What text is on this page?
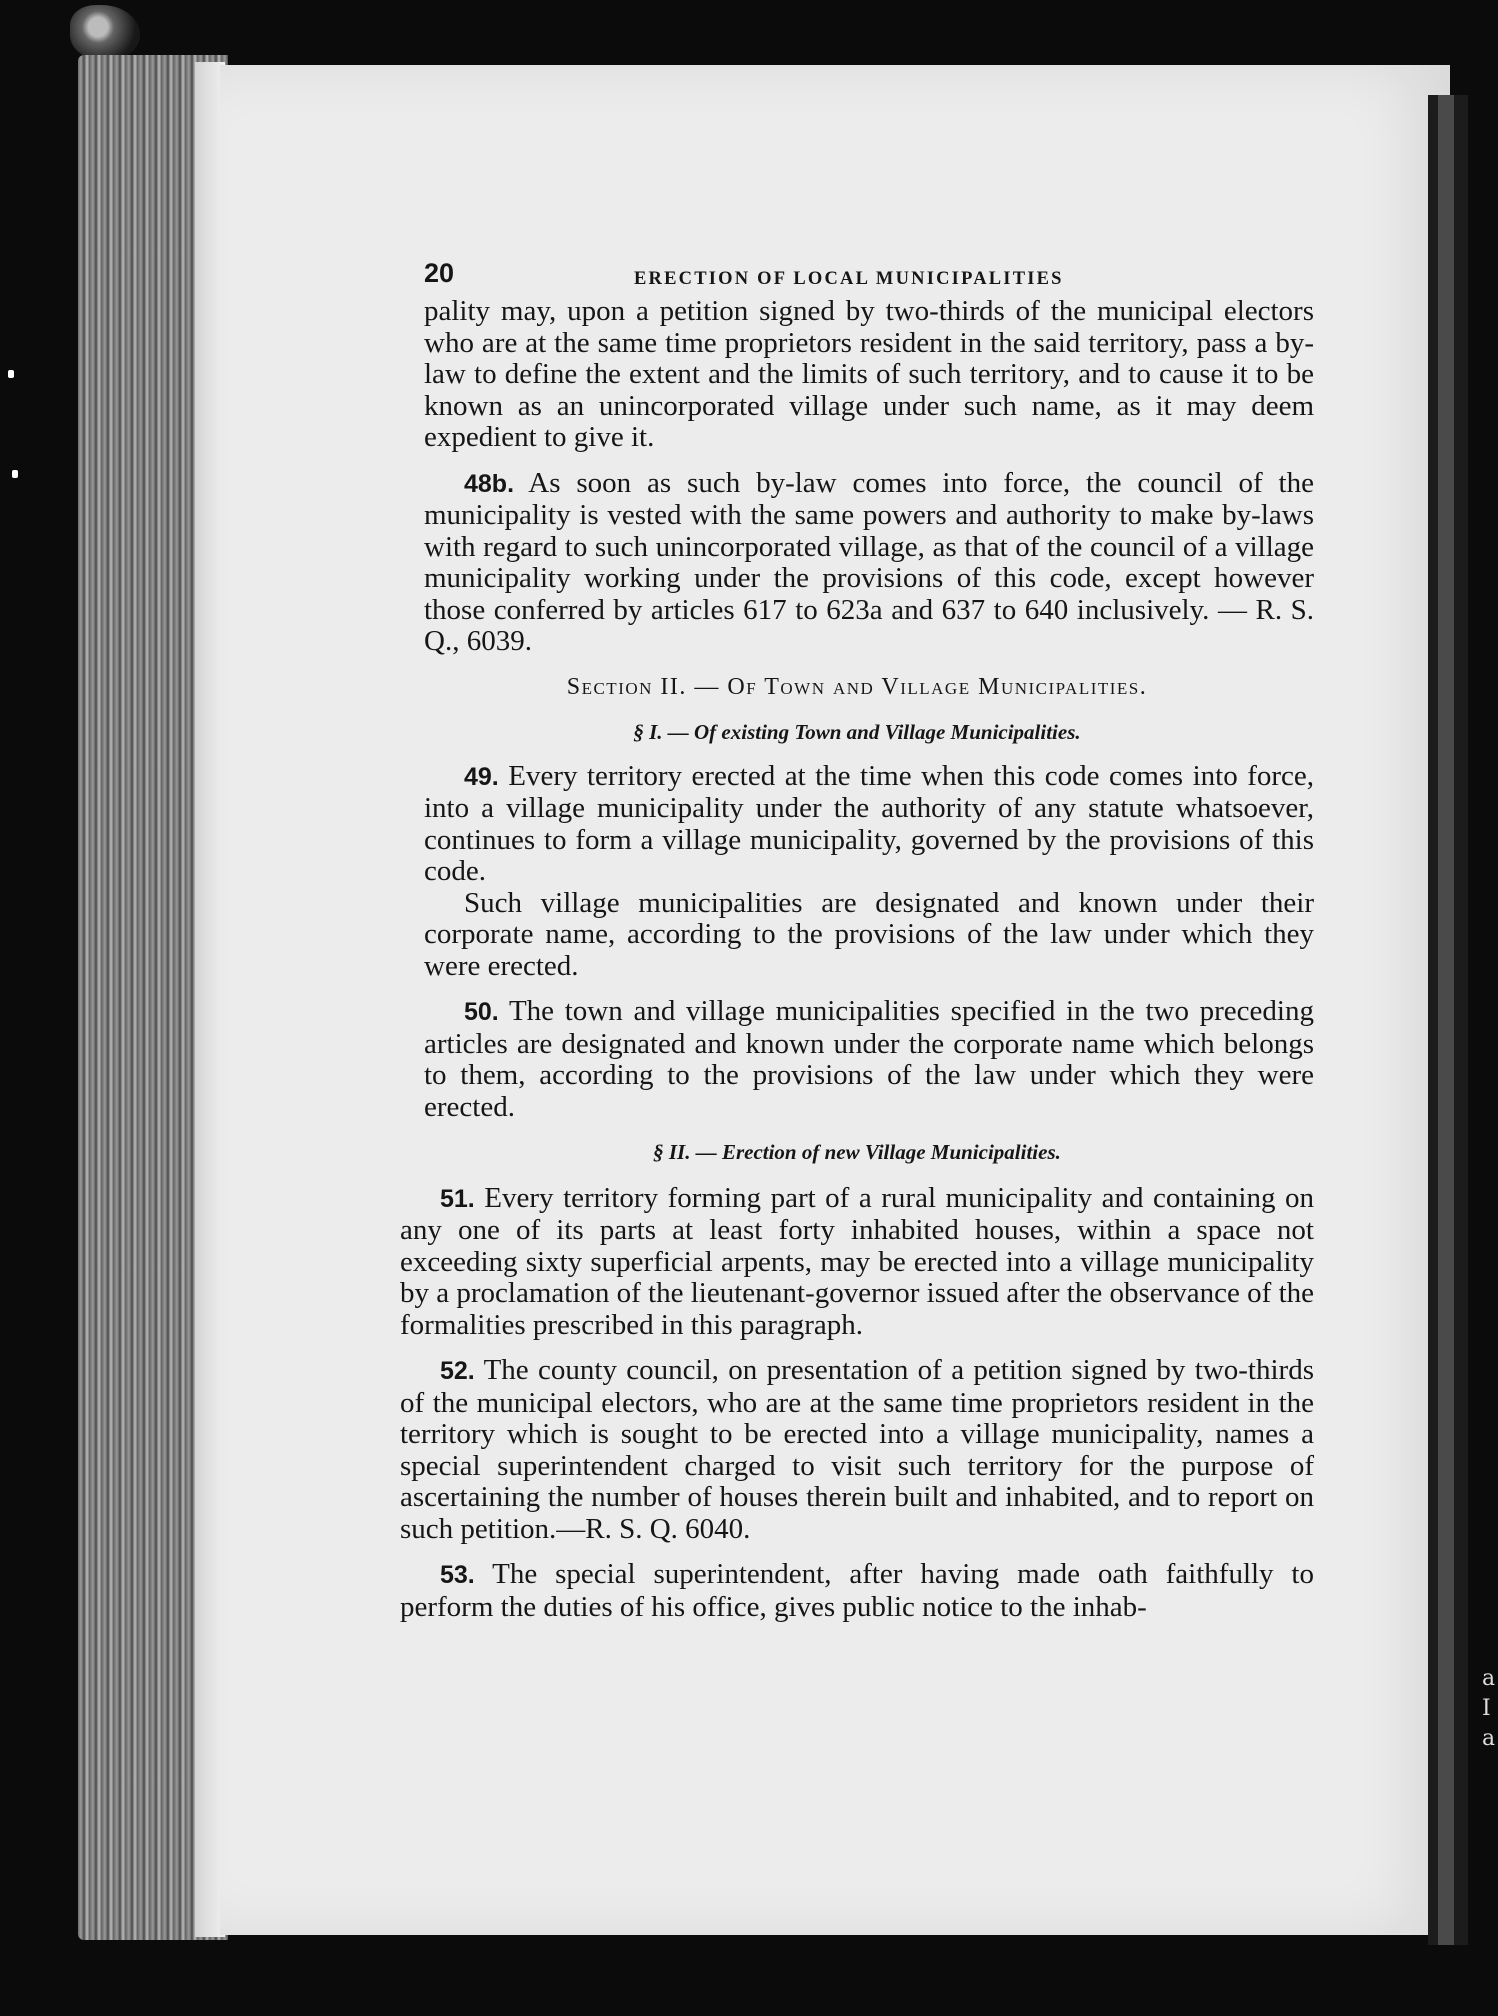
a
I
a
20	ERECTION OF LOCAL MUNICIPALITIES

pality may, upon a petition signed by two-thirds of the municipal electors who are at the same time proprietors resident in the said territory, pass a by-law to define the extent and the limits of such territory, and to cause it to be known as an unincorporated village under such name, as it may deem expedient to give it.

48b. As soon as such by-law comes into force, the council of the municipality is vested with the same powers and authority to make by-laws with regard to such unincorporated village, as that of the council of a village municipality working under the provisions of this code, except however those conferred by articles 617 to 623a and 637 to 640 inclusively. — R. S. Q., 6039.

Section II. — Of Town and Village Municipalities.
§ I. — Of existing Town and Village Municipalities.

49. Every territory erected at the time when this code comes into force, into a village municipality under the authority of any statute whatsoever, continues to form a village municipality, governed by the provisions of this code.

Such village municipalities are designated and known under their corporate name, according to the provisions of the law under which they were erected.

50. The town and village municipalities specified in the two preceding articles are designated and known under the corporate name which belongs to them, according to the provisions of the law under which they were erected.

§ II. — Erection of new Village Municipalities.

51. Every territory forming part of a rural municipality and containing on any one of its parts at least forty inhabited houses, within a space not exceeding sixty superficial arpents, may be erected into a village municipality by a proclamation of the lieutenant-governor issued after the observance of the formalities prescribed in this paragraph.

52. The county council, on presentation of a petition signed by two-thirds of the municipal electors, who are at the same time proprietors resident in the territory which is sought to be erected into a village municipality, names a special superintendent charged to visit such territory for the purpose of ascertaining the number of houses therein built and inhabited, and to report on such petition.—R. S. Q. 6040.

53. The special superintendent, after having made oath faithfully to perform the duties of his office, gives public notice to the inhab-
